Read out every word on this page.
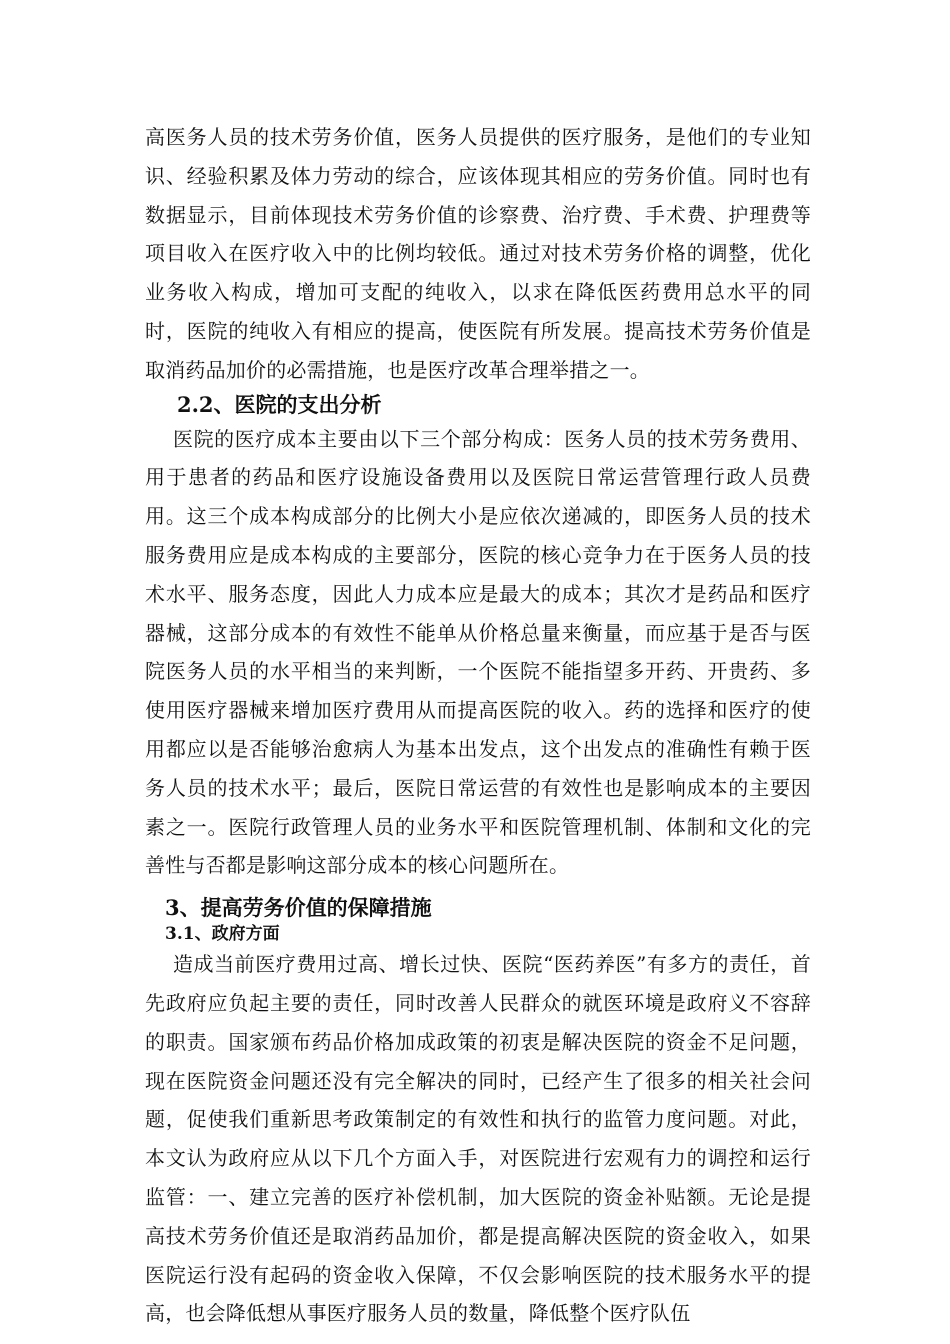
高医务人员的技术劳务价值，医务人员提供的医疗服务，是他们的专业知识、经验积累及体力劳动的综合，应该体现其相应的劳务价值。同时也有数据显示，目前体现技术劳务价值的诊察费、治疗费、手术费、护理费等项目收入在医疗收入中的比例均较低。通过对技术劳务价格的调整，优化业务收入构成，增加可支配的纯收入，以求在降低医药费用总水平的同时，医院的纯收入有相应的提高，使医院有所发展。提高技术劳务价值是取消药品加价的必需措施，也是医疗改革合理举措之一。

2.2、医院的支出分析

医院的医疗成本主要由以下三个部分构成：医务人员的技术劳务费用、用于患者的药品和医疗设施设备费用以及医院日常运营管理行政人员费用。这三个成本构成部分的比例大小是应依次递减的，即医务人员的技术服务费用应是成本构成的主要部分，医院的核心竞争力在于医务人员的技术水平、服务态度，因此人力成本应是最大的成本；其次才是药品和医疗器械，这部分成本的有效性不能单从价格总量来衡量，而应基于是否与医院医务人员的水平相当的来判断，一个医院不能指望多开药、开贵药、多使用医疗器械来增加医疗费用从而提高医院的收入。药的选择和医疗的使用都应以是否能够治愈病人为基本出发点，这个出发点的准确性有赖于医务人员的技术水平；最后，医院日常运营的有效性也是影响成本的主要因素之一。医院行政管理人员的业务水平和医院管理机制、体制和文化的完善性与否都是影响这部分成本的核心问题所在。

3、提高劳务价值的保障措施
3.1、政府方面

造成当前医疗费用过高、增长过快、医院“医药养医”有多方的责任，首先政府应负起主要的责任，同时改善人民群众的就医环境是政府义不容辞的职责。国家颁布药品价格加成政策的初衷是解决医院的资金不足问题，现在医院资金问题还没有完全解决的同时，已经产生了很多的相关社会问题，促使我们重新思考政策制定的有效性和执行的监管力度问题。对此，本文认为政府应从以下几个方面入手，对医院进行宏观有力的调控和运行监管：一、建立完善的医疗补偿机制，加大医院的资金补贴额。无论是提高技术劳务价值还是取消药品加价，都是提高解决医院的资金收入，如果医院运行没有起码的资金收入保障，不仅会影响医院的技术服务水平的提高，也会降低想从事医疗服务人员的数量，降低整个医疗队伍
